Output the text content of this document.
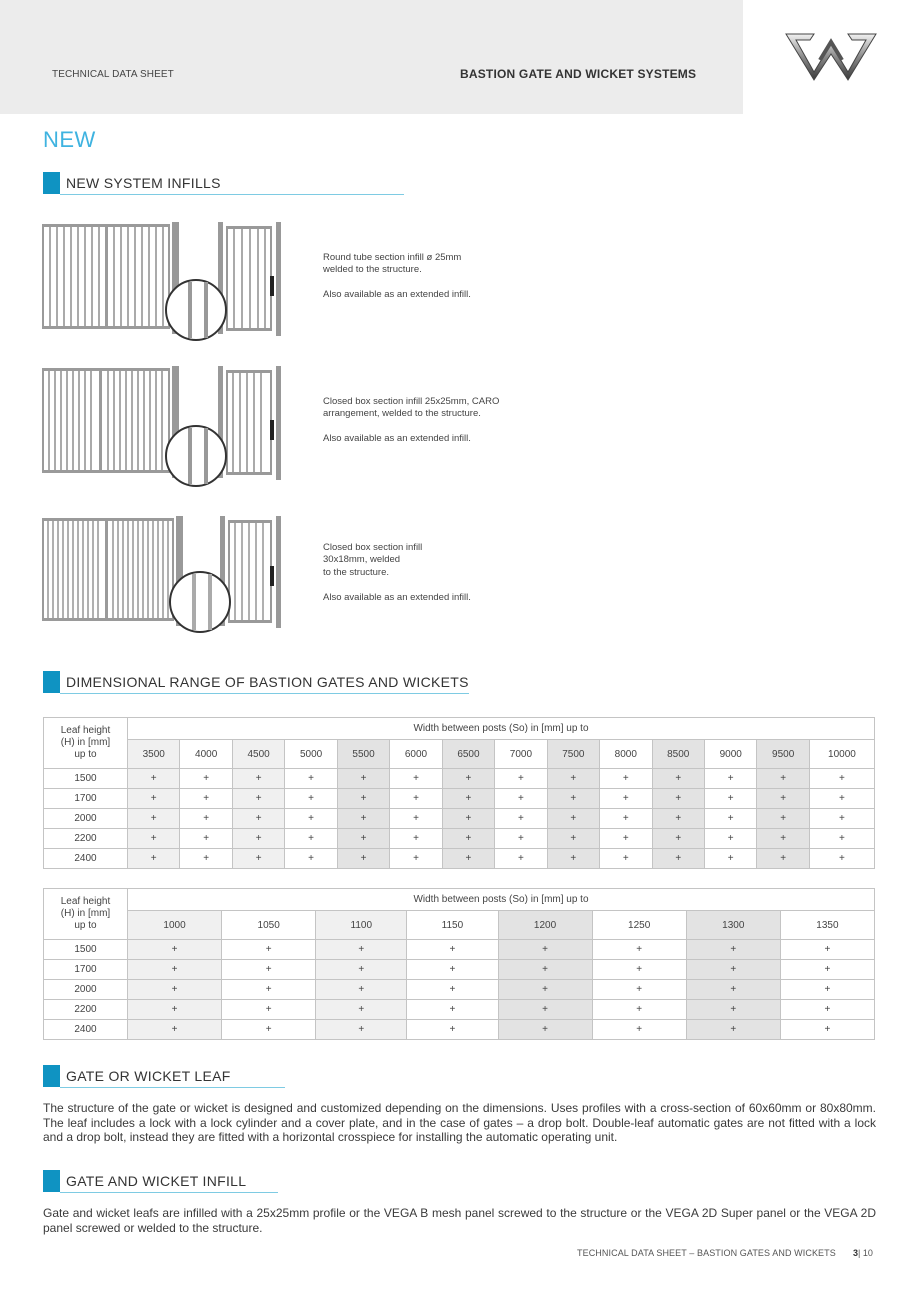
TECHNICAL DATA SHEET	BASTION GATE AND WICKET SYSTEMS
NEW
NEW SYSTEM INFILLS

Round tube section infill ø 25mm
welded to the structure.

Also available as an extended infill.

Closed box section infill 25x25mm, CARO
arrangement, welded to the structure.

Also available as an extended infill.

Closed box section infill
30x18mm, welded
to the structure.

Also available as an extended infill.

DIMENSIONAL RANGE OF BASTION GATES AND WICKETS
Leaf height
(H) in [mm]
up to	Width between posts (So) in [mm] up to													
	3500	4000	4500	5000	5500	6000	6500	7000	7500	8000	8500	9000	9500	10000
1500	+	+	+	+	+	+	+	+	+	+	+	+	+	+
1700	+	+	+	+	+	+	+	+	+	+	+	+	+	+
2000	+	+	+	+	+	+	+	+	+	+	+	+	+	+
2200	+	+	+	+	+	+	+	+	+	+	+	+	+	+
2400	+	+	+	+	+	+	+	+	+	+	+	+	+	+
Leaf height
(H) in [mm]
up to	Width between posts (So) in [mm] up to							
	1000	1050	1100	1150	1200	1250	1300	1350
1500	+	+	+	+	+	+	+	+
1700	+	+	+	+	+	+	+	+
2000	+	+	+	+	+	+	+	+
2200	+	+	+	+	+	+	+	+
2400	+	+	+	+	+	+	+	+
GATE OR WICKET LEAF
The structure of the gate or wicket is designed and customized depending on the dimensions. Uses profiles with a cross-section of 60x60mm or 80x80mm. The leaf includes a lock with a lock cylinder and a cover plate, and in the case of gates – a drop bolt. Double-leaf automatic gates are not fitted with a lock and a drop bolt, instead they are fitted with a horizontal crosspiece for installing the automatic operating unit.
GATE AND WICKET INFILL
Gate and wicket leafs are infilled with a 25x25mm profile or the VEGA B mesh panel screwed to the structure or the VEGA 2D Super panel or the VEGA 2D panel screwed or welded to the structure.
TECHNICAL DATA SHEET – BASTION GATES AND WICKETS 3| 10
